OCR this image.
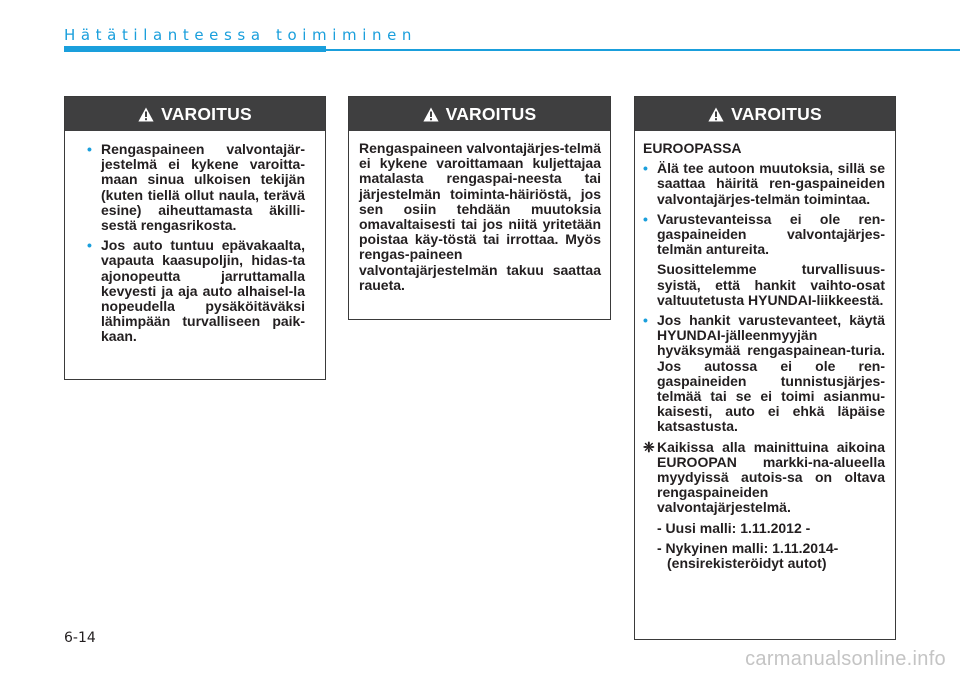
Hätätilanteessa toimiminen
VAROITUS
• Rengaspaineen valvontajär-jestelmä ei kykene varoitta-maan sinua ulkoisen tekijän (kuten tiellä ollut naula, terävä esine) aiheuttamasta äkilli-sestä rengasrikosta.
• Jos auto tuntuu epävakaalta, vapauta kaasupoljin, hidas-ta ajonopeutta jarruttamalla kevyesti ja aja auto alhaisel-la nopeudella pysäköitäväksi lähimpään turvalliseen paik-kaan.
VAROITUS
Rengaspaineen valvontajärjes-telmä ei kykene varoittamaan kuljettajaa matalasta rengaspai-neesta tai järjestelmän toiminta-häiriöstä, jos sen osiin tehdään muutoksia omavaltaisesti tai jos niitä yritetään poistaa käy-töstä tai irrottaa. Myös rengas-paineen valvontajärjestelmän takuu saattaa raueta.
VAROITUS
EUROOPASSA
• Älä tee autoon muutoksia, sillä se saattaa häiritä ren-gaspaineiden valvontajärjes-telmän toimintaa.
• Varustevanteissa ei ole ren-gaspaineiden valvontajärjes-telmän antureita.
Suosittelemme turvallisuus-syistä, että hankit vaihto-osat valtuutetusta HYUNDAI-liikkeestä.
• Jos hankit varustevanteet, käytä HYUNDAI-jälleenmyyjän hyväksymää rengaspainean-turia. Jos autossa ei ole ren-gaspaineiden tunnistusjärjes-telmää tai se ei toimi asianmu-kaisesti, auto ei ehkä läpäise katsastusta.
❈ Kaikissa alla mainittuina aikoina EUROOPAN markki-na-alueella myydyissä autois-sa on oltava rengaspaineiden valvontajärjestelmä.
- Uusi malli: 1.11.2012 -
- Nykyinen malli: 1.11.2014- (ensirekisteröidyt autot)
6-14
carmanualsonline.info
